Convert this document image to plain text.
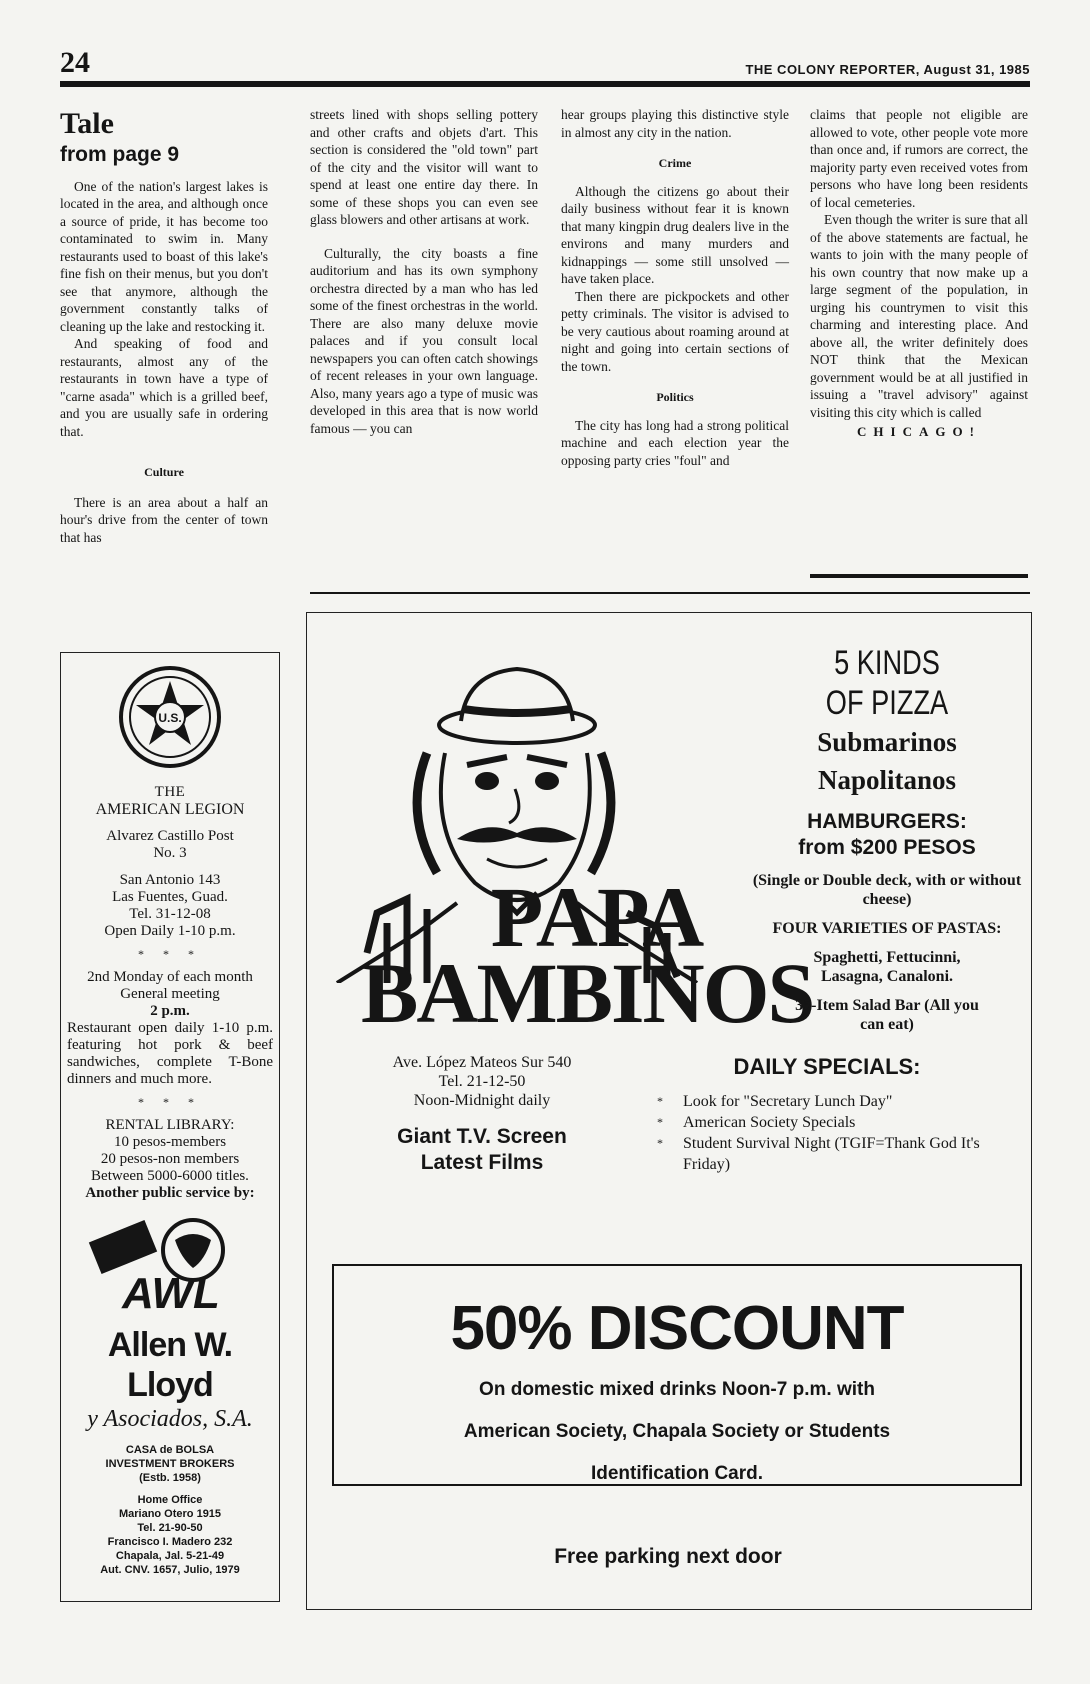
24	THE COLONY REPORTER, August 31, 1985
Tale
from page 9

One of the nation's largest lakes is located in the area, and although once a source of pride, it has become too contaminated to swim in. Many restaurants used to boast of this lake's fine fish on their menus, but you don't see that anymore, although the government constantly talks of cleaning up the lake and restocking it.

And speaking of food and restaurants, almost any of the restaurants in town have a type of "carne asada" which is a grilled beef, and you are usually safe in ordering that.

Culture

There is an area about a half an hour's drive from the center of town that has

streets lined with shops selling pottery and other crafts and objets d'art. This section is considered the "old town" part of the city and the visitor will want to spend at least one entire day there. In some of these shops you can even see glass blowers and other artisans at work.

Culturally, the city boasts a fine auditorium and has its own symphony orchestra directed by a man who has led some of the finest orchestras in the world. There are also many deluxe movie palaces and if you consult local newspapers you can often catch showings of recent releases in your own language. Also, many years ago a type of music was developed in this area that is now world famous — you can

hear groups playing this distinctive style in almost any city in the nation.

Crime

Although the citizens go about their daily business without fear it is known that many kingpin drug dealers live in the environs and many murders and kidnappings — some still unsolved — have taken place.

Then there are pickpockets and other petty criminals. The visitor is advised to be very cautious about roaming around at night and going into certain sections of the town.

Politics

The city has long had a strong political machine and each election year the opposing party cries "foul" and

claims that people not eligible are allowed to vote, other people vote more than once and, if rumors are correct, the majority party even received votes from persons who have long been residents of local cemeteries.

Even though the writer is sure that all of the above statements are factual, he wants to join with the many people of his own country that now make up a large segment of the population, in urging his countrymen to visit this charming and interesting place. And above all, the writer definitely does NOT think that the Mexican government would be at all justified in issuing a "travel advisory" against visiting this city which is called

CHICAGO!
U.S.
THE
AMERICAN LEGION
Alvarez Castillo Post
No. 3
San Antonio 143
Las Fuentes, Guad.
Tel. 31-12-08
Open Daily 1-10 p.m.
* * *
2nd Monday of each month
General meeting
2 p.m.
Restaurant open daily 1-10 p.m. featuring hot pork & beef sandwiches, complete T-Bone dinners and much more.
* * *
RENTAL LIBRARY:
10 pesos-members
20 pesos-non members
Between 5000-6000 titles.
Another public service by:
AWL
Allen W. Lloyd
y Asociados, S.A.
CASA de BOLSA
INVESTMENT BROKERS
(Estb. 1958)
Home Office
Mariano Otero 1915
Tel. 21-90-50
Francisco I. Madero 232
Chapala, Jal. 5-21-49
Aut. CNV. 1657, Julio, 1979
PAPA
BAMBINOS
5 KINDS
OF PIZZA
Submarinos
Napolitanos
HAMBURGERS:
from $200 PESOS
(Single or Double deck, with or without cheese)
FOUR VARIETIES OF PASTAS:
Spaghetti, Fettucinni, Lasagna, Canaloni.
35-Item Salad Bar (All you can eat)
Ave. López Mateos Sur 540
Tel. 21-12-50
Noon-Midnight daily
Giant T.V. Screen
Latest Films
DAILY SPECIALS:
* Look for "Secretary Lunch Day"
* American Society Specials
* Student Survival Night (TGIF=Thank God It's Friday)
50% DISCOUNT
On domestic mixed drinks Noon-7 p.m. with
American Society, Chapala Society or Students
Identification Card.
Free parking next door
